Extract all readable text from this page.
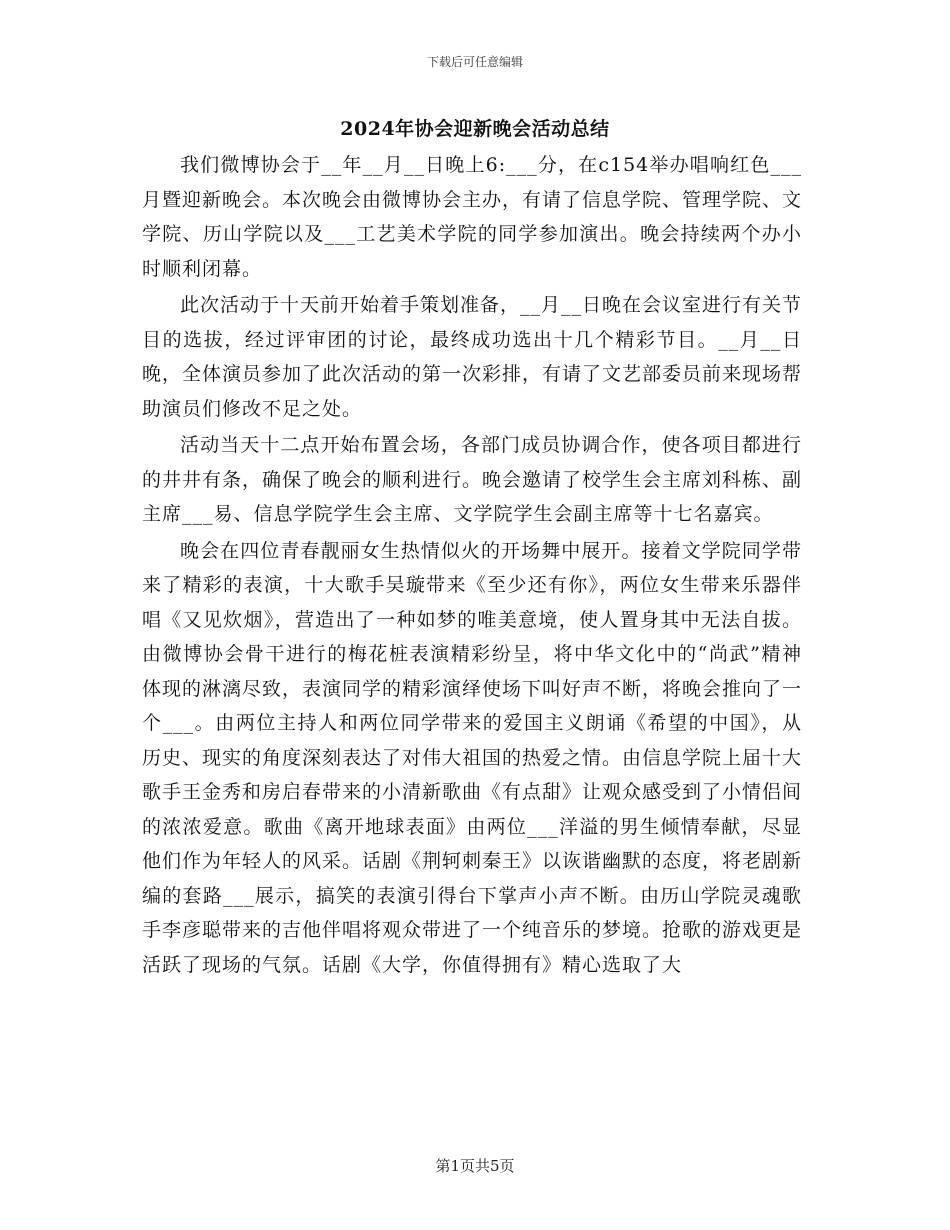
下载后可任意编辑
2024年协会迎新晚会活动总结

我们微博协会于__年__月__日晚上6:___分，在c154举办唱响红色___月暨迎新晚会。本次晚会由微博协会主办，有请了信息学院、管理学院、文学院、历山学院以及___工艺美术学院的同学参加演出。晚会持续两个办小时顺利闭幕。

此次活动于十天前开始着手策划准备，__月__日晚在会议室进行有关节目的选拔，经过评审团的讨论，最终成功选出十几个精彩节目。__月__日晚，全体演员参加了此次活动的第一次彩排，有请了文艺部委员前来现场帮助演员们修改不足之处。

活动当天十二点开始布置会场，各部门成员协调合作，使各项目都进行的井井有条，确保了晚会的顺利进行。晚会邀请了校学生会主席刘科栋、副主席___易、信息学院学生会主席、文学院学生会副主席等十七名嘉宾。

晚会在四位青春靓丽女生热情似火的开场舞中展开。接着文学院同学带来了精彩的表演，十大歌手吴璇带来《至少还有你》，两位女生带来乐器伴唱《又见炊烟》，营造出了一种如梦的唯美意境，使人置身其中无法自拔。由微博协会骨干进行的梅花桩表演精彩纷呈，将中华文化中的“尚武”精神体现的淋漓尽致，表演同学的精彩演绎使场下叫好声不断，将晚会推向了一个___。由两位主持人和两位同学带来的爱国主义朗诵《希望的中国》，从历史、现实的角度深刻表达了对伟大祖国的热爱之情。由信息学院上届十大歌手王金秀和房启春带来的小清新歌曲《有点甜》让观众感受到了小情侣间的浓浓爱意。歌曲《离开地球表面》由两位___洋溢的男生倾情奉献，尽显他们作为年轻人的风采。话剧《荆轲刺秦王》以诙谐幽默的态度，将老剧新编的套路___展示，搞笑的表演引得台下掌声小声不断。由历山学院灵魂歌手李彦聪带来的吉他伴唱将观众带进了一个纯音乐的梦境。抢歌的游戏更是活跃了现场的气氛。话剧《大学，你值得拥有》精心选取了大

第1页共5页
